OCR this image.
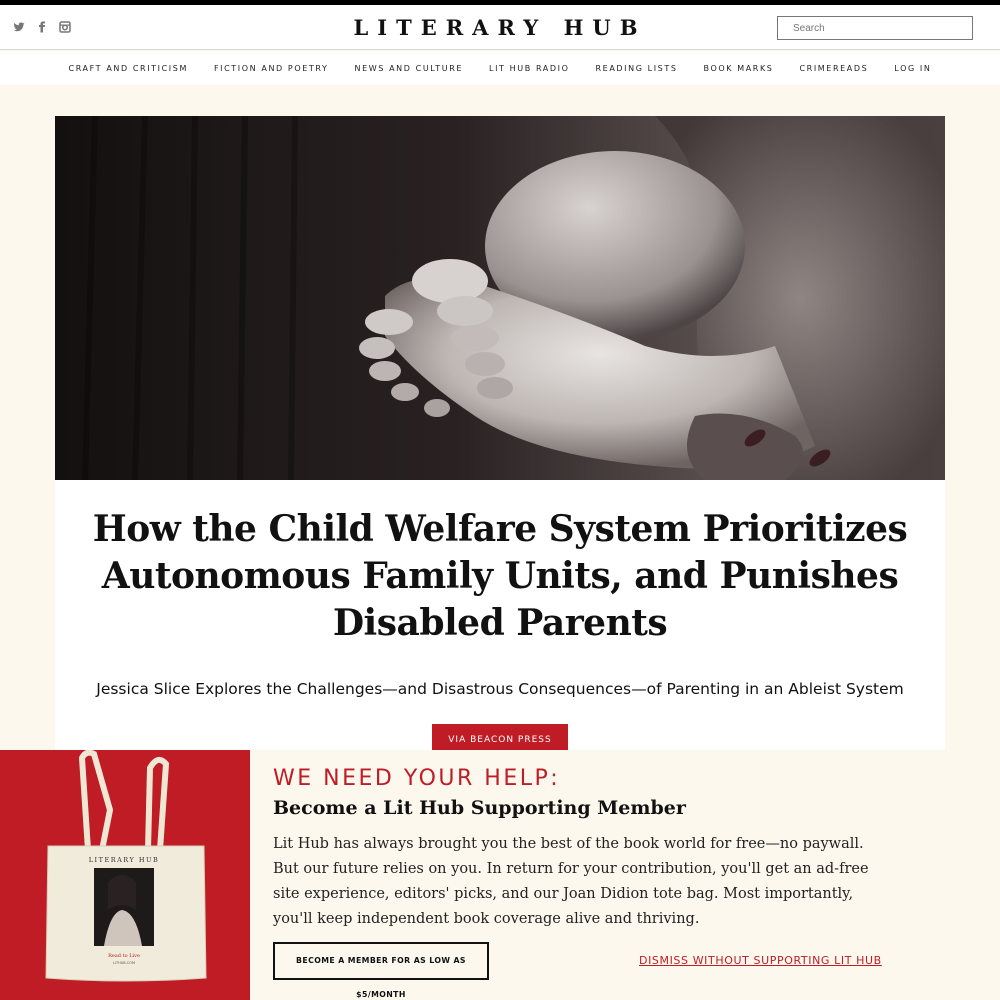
LITERARY HUB
Search
CRAFT AND CRITICISM	FICTION AND POETRY	NEWS AND CULTURE	LIT HUB RADIO	READING LISTS	BOOK MARKS	CRIMEREADS	LOG IN
How the Child Welfare System Prioritizes
Autonomous Family Units, and Punishes
Disabled Parents
Jessica Slice Explores the Challenges—and Disastrous Consequences—of Parenting in an Ableist System
VIA BEACON PRESS
LITERARY HUB
Read to Live
LITHUB.COM
WE NEED YOUR HELP:
Become a Lit Hub Supporting Member

Lit Hub has always brought you the best of the book world for free—no paywall. But our future relies on you. In return for your contribution, you'll get an ad-free site experience, editors' picks, and our Joan Didion tote bag. Most importantly, you'll keep independent book coverage alive and thriving.

BECOME A MEMBER FOR AS LOW AS $5/MONTH
DISMISS WITHOUT SUPPORTING LIT HUB
